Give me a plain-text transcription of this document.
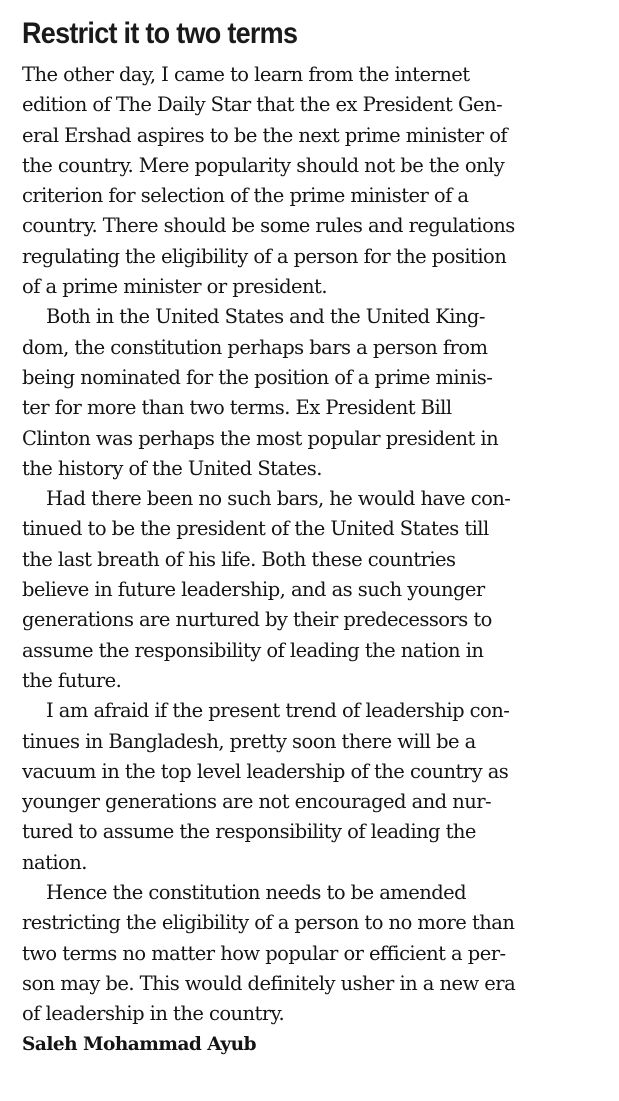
Restrict it to two terms
The other day, I came to learn from the internet
edition of The Daily Star that the ex President Gen-
eral Ershad aspires to be the next prime minister of
the country. Mere popularity should not be the only
criterion for selection of the prime minister of a
country. There should be some rules and regulations
regulating the eligibility of a person for the position
of a prime minister or president.
Both in the United States and the United King-
dom, the constitution perhaps bars a person from
being nominated for the position of a prime minis-
ter for more than two terms. Ex President Bill
Clinton was perhaps the most popular president in
the history of the United States.
Had there been no such bars, he would have con-
tinued to be the president of the United States till
the last breath of his life. Both these countries
believe in future leadership, and as such younger
generations are nurtured by their predecessors to
assume the responsibility of leading the nation in
the future.
I am afraid if the present trend of leadership con-
tinues in Bangladesh, pretty soon there will be a
vacuum in the top level leadership of the country as
younger generations are not encouraged and nur-
tured to assume the responsibility of leading the
nation.
Hence the constitution needs to be amended
restricting the eligibility of a person to no more than
two terms no matter how popular or efficient a per-
son may be. This would definitely usher in a new era
of leadership in the country.
Saleh Mohammad Ayub
